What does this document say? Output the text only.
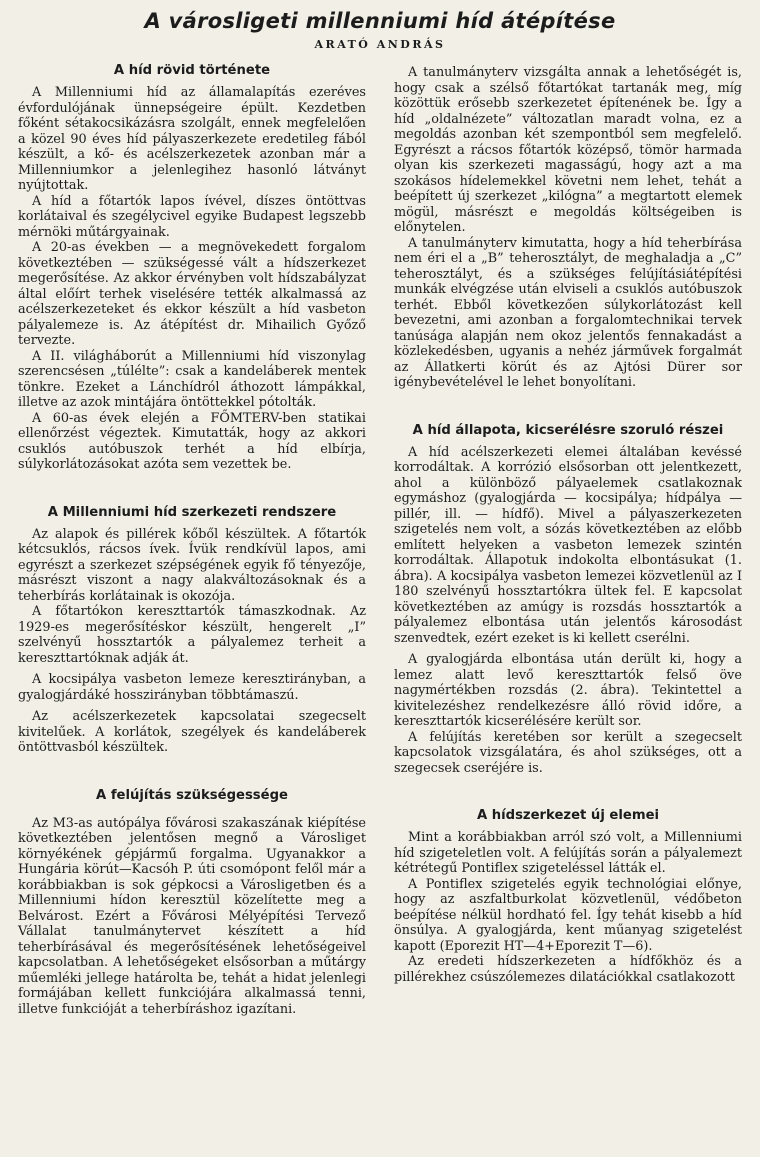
A városligeti millenniumi híd átépítése
ARATÓ ANDRÁS
A híd rövid története

A Millenniumi híd az államalapítás ezeréves évfordulójának ünnepségeire épült. Kezdetben főként sétakocsikázásra szolgált, ennek megfelelően a közel 90 éves híd pályaszerkezete eredetileg fából készült, a kő- és acélszerkezetek azonban már a Millenniumkor a jelenlegihez hasonló látványt nyújtottak.

A híd a főtartók lapos ívével, díszes öntöttvas korlátaival és szegélycivel egyike Budapest legszebb mérnöki műtárgyainak.

A 20-as években — a megnövekedett forgalom következtében — szükségessé vált a hídszerkezet megerősítése. Az akkor érvényben volt hídszabályzat által előírt terhek viselésére tették alkalmassá az acélszerkezeteket és ekkor készült a híd vasbeton pályalemeze is. Az átépítést dr. Mihailich Győző tervezte.

A II. világháborút a Millenniumi híd viszonylag szerencsésen „túlélte”: csak a kandeláberek mentek tönkre. Ezeket a Lánchídról áthozott lámpákkal, illetve az azok mintájára öntöttekkel pótolták.

A 60-as évek elején a FŐMTERV-ben statikai ellenőrzést végeztek. Kimutatták, hogy az akkori csuklós autóbuszok terhét a híd elbírja, súlykorlátozásokat azóta sem vezettek be.

A Millenniumi híd szerkezeti rendszere

Az alapok és pillérek kőből készültek. A főtartók kétcsuklós, rácsos ívek. Ívük rendkívül lapos, ami egyrészt a szerkezet szépségének egyik fő tényezője, másrészt viszont a nagy alakváltozásoknak és a teherbírás korlátainak is okozója.

A főtartókon kereszttartók támaszkodnak. Az 1929-es megerősítéskor készült, hengerelt „I” szelvényű hossztartók a pályalemez terheit a kereszttartóknak adják át.

A kocsipálya vasbeton lemeze keresztirányban, a gyalogjárdáké hosszirányban többtámaszú.

Az acélszerkezetek kapcsolatai szegecselt kivitelűek. A korlátok, szegélyek és kandeláberek öntöttvasból készültek.

A felújítás szükségessége

Az M3-as autópálya fővárosi szakaszának kiépítése következtében jelentősen megnő a Városliget környékének gépjármű forgalma. Ugyanakkor a Hungária körút—Kacsóh P. úti csomópont felől már a korábbiakban is sok gépkocsi a Városligetben és a Millenniumi hídon keresztül közelítette meg a Belvárost. Ezért a Fővárosi Mélyépítési Tervező Vállalat tanulmánytervet készített a híd teherbírásával és megerősítésének lehetőségeivel kapcsolatban. A lehetőségeket elsősorban a műtárgy műemléki jellege határolta be, tehát a hidat jelenlegi formájában kellett funkciójára alkalmassá tenni, illetve funkcióját a teherbíráshoz igazítani.

A tanulmányterv vizsgálta annak a lehetőségét is, hogy csak a szélső főtartókat tartanák meg, míg közöttük erősebb szerkezetet építenének be. Így a híd „oldalnézete” változatlan maradt volna, ez a megoldás azonban két szempontból sem megfelelő. Egyrészt a rácsos főtartók középső, tömör harmada olyan kis szerkezeti magasságú, hogy azt a ma szokásos hídelemekkel követni nem lehet, tehát a beépített új szerkezet „kilógna” a megtartott elemek mögül, másrészt e megoldás költségeiben is előnytelen.

A tanulmányterv kimutatta, hogy a híd teherbírása nem éri el a „B” teherosztályt, de meghaladja a „C” teherosztályt, és a szükséges felújításiátépítési munkák elvégzése után elviseli a csuklós autóbuszok terhét. Ebből következően súlykorlátozást kell bevezetni, ami azonban a forgalomtechnikai tervek tanúsága alapján nem okoz jelentős fennakadást a közlekedésben, ugyanis a nehéz járművek forgalmát az Állatkerti körút és az Ajtósi Dürer sor igénybevételével le lehet bonyolítani.

A híd állapota, kicserélésre szoruló részei

A híd acélszerkezeti elemei általában kevéssé korrodáltak. A korrózió elsősorban ott jelentkezett, ahol a különböző pályaelemek csatlakoznak egymáshoz (gyalogjárda — kocsipálya; hídpálya — pillér, ill. — hídfő). Mivel a pályaszerkezeten szigetelés nem volt, a sózás következtében az előbb említett helyeken a vasbeton lemezek szintén korrodáltak. Állapotuk indokolta elbontásukat (1. ábra). A kocsipálya vasbeton lemezei közvetlenül az I 180 szelvényű hossztartókra ültek fel. E kapcsolat következtében az amúgy is rozsdás hossztartók a pályalemez elbontása után jelentős károsodást szenvedtek, ezért ezeket is ki kellett cserélni.

A gyalogjárda elbontása után derült ki, hogy a lemez alatt levő kereszttartók felső öve nagymértékben rozsdás (2. ábra). Tekintettel a kivitelezéshez rendelkezésre álló rövid időre, a kereszttartók kicserélésére került sor.

A felújítás keretében sor került a szegecselt kapcsolatok vizsgálatára, és ahol szükséges, ott a szegecsek cseréjére is.

A hídszerkezet új elemei

Mint a korábbiakban arról szó volt, a Millenniumi híd szigeteletlen volt. A felújítás során a pályalemezt kétrétegű Pontiflex szigeteléssel látták el.

A Pontiflex szigetelés egyik technológiai előnye, hogy az aszfaltburkolat közvetlenül, védőbeton beépítése nélkül hordható fel. Így tehát kisebb a híd önsúlya. A gyalogjárda, kent műanyag szigetelést kapott (Eporezit HT—4+Eporezit T—6).

Az eredeti hídszerkezeten a hídfőkhöz és a pillérekhez csúszólemezes dilatációkkal csatlakozott
